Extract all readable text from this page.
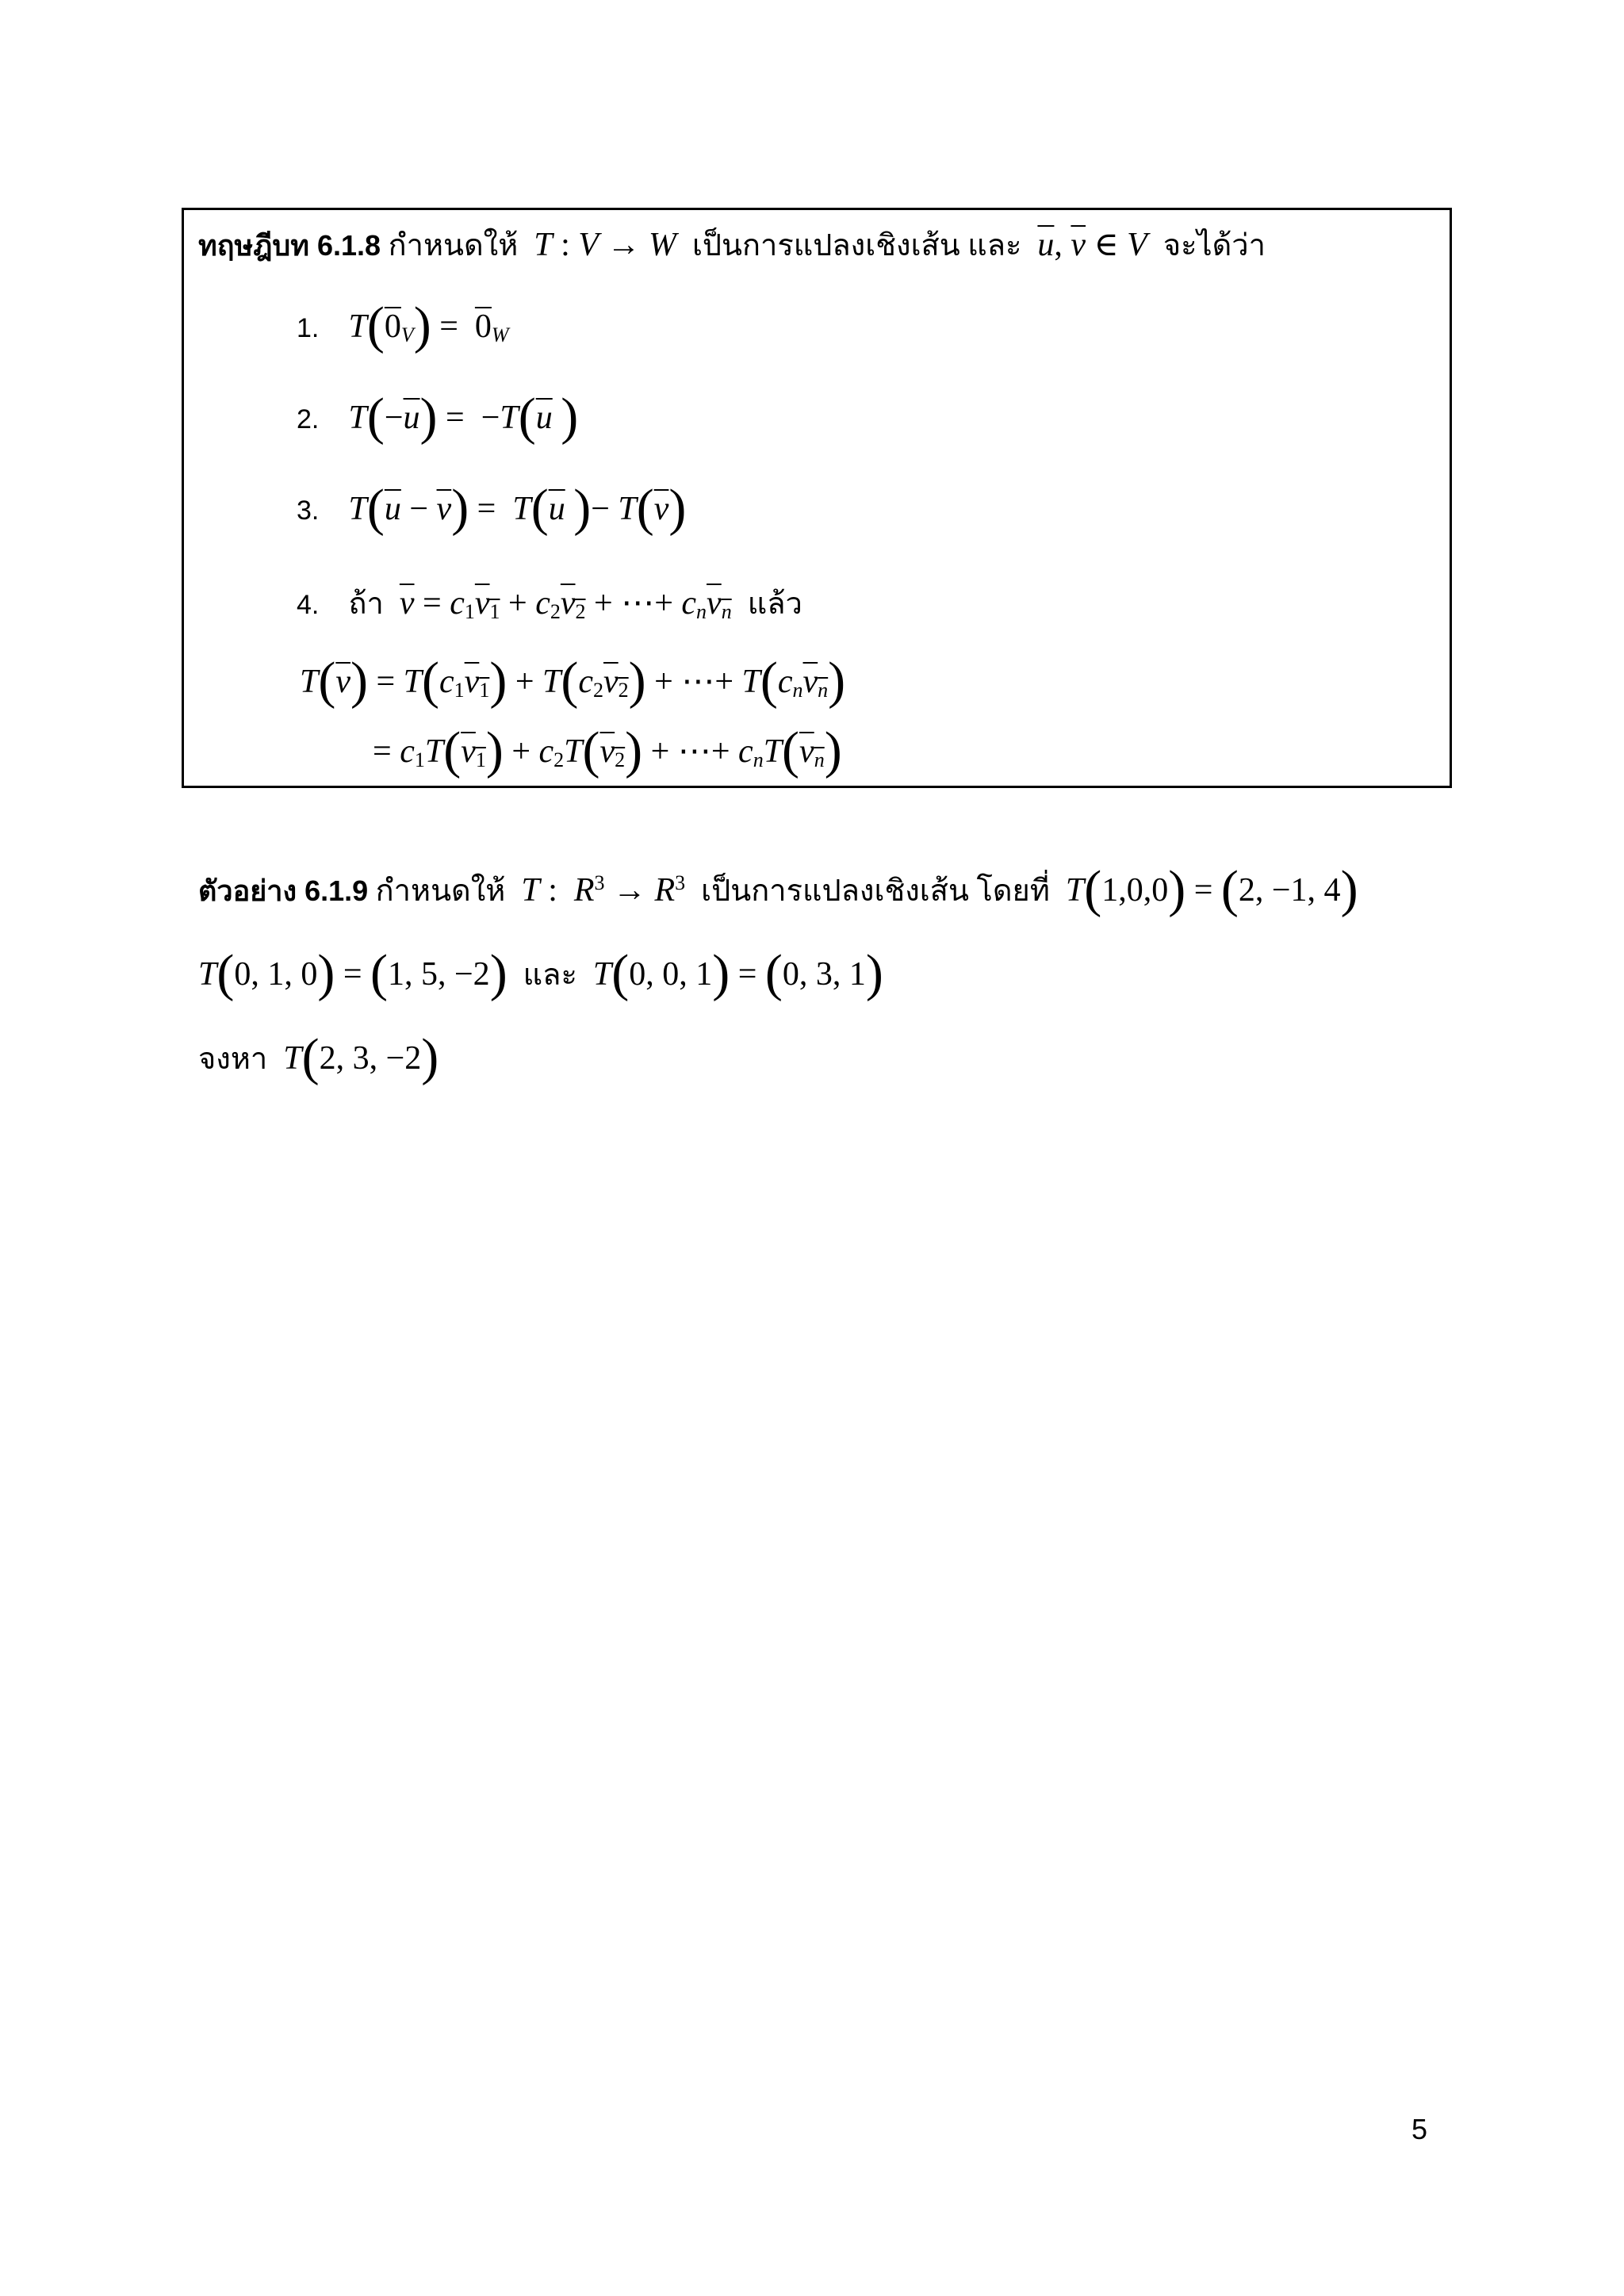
ทฤษฎีบท 6.1.8 กำหนดให้ T : V → W เป็นการแปลงเชิงเส้น และ $\overline{u}$, $\overline{v}$ ∈ V จะได้ว่า
1. $T(0_V) = 0_W$
2. $T(-\overline{u}) = -T(\overline{u}$ )
3. $T(\overline{u} - \overline{v}) = T(\overline{u}$ )− $T(\overline{v})$
4. ถ้า $\overline{v} = c_1v_1 + c_2v_2$ + ⋯+ $c_nv_n$ แล้ว
$T(\overline{v}) = T(c_1v_1) + T(c_2v_2)$ + ⋯+ $T(c_nv_n)$
= $c_1T(v_1) + c_2T(v_2)$ + ⋯+ $c_nT(v_n)$
ตัวอย่าง 6.1.9 กำหนดให้ T :  $R^3 \to R^3$ เป็นการแปลงเชิงเส้น โดยที่ T(1,0,0) = (2, −1, 4)
T(0, 1, 0) = (1, 5, −2) และ T(0, 0, 1) = (0, 3, 1)
จงหา T(2, 3, −2)
5
